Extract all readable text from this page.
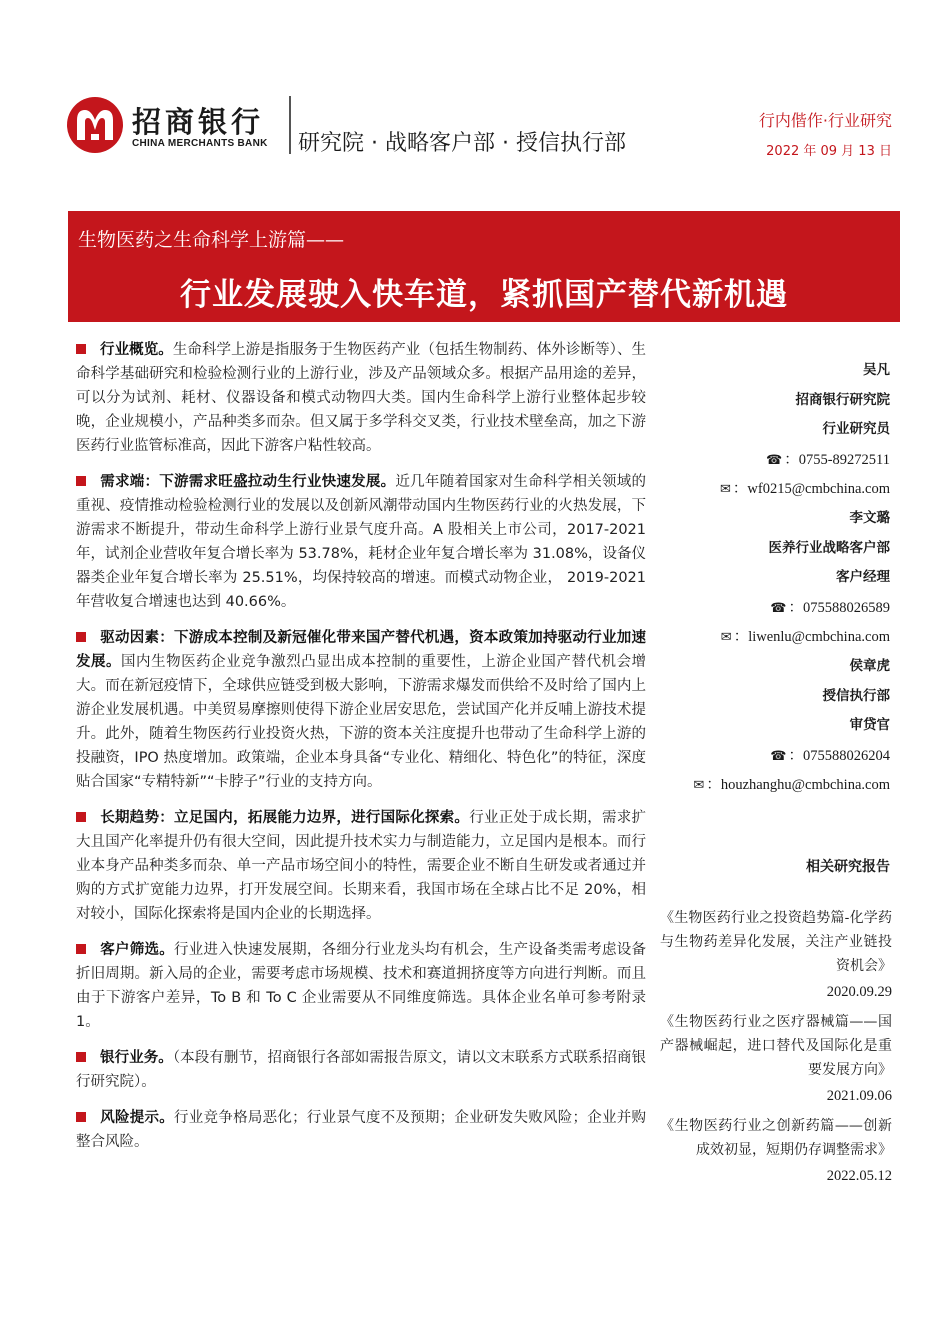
招商银行
CHINA MERCHANTS BANK 研究院 · 战略客户部 · 授信执行部
行内偕作·行业研究
2022 年 09 月 13 日
生物医药之生命科学上游篇——
行业发展驶入快车道，紧抓国产替代新机遇

行业概览。生命科学上游是指服务于生物医药产业（包括生物制药、体外诊断等）、生命科学基础研究和检验检测行业的上游行业，涉及产品领域众多。根据产品用途的差异，可以分为试剂、耗材、仪器设备和模式动物四大类。国内生命科学上游行业整体起步较晚，企业规模小，产品种类多而杂。但又属于多学科交叉类，行业技术壁垒高，加之下游医药行业监管标准高，因此下游客户粘性较高。

需求端：下游需求旺盛拉动生行业快速发展。近几年随着国家对生命科学相关领域的重视、疫情推动检验检测行业的发展以及创新风潮带动国内生物医药行业的火热发展，下游需求不断提升，带动生命科学上游行业景气度升高。A 股相关上市公司，2017-2021 年，试剂企业营收年复合增长率为 53.78%，耗材企业年复合增长率为 31.08%，设备仪器类企业年复合增长率为 25.51%，均保持较高的增速。而模式动物企业， 2019-2021 年营收复合增速也达到 40.66%。

驱动因素：下游成本控制及新冠催化带来国产替代机遇，资本政策加持驱动行业加速发展。国内生物医药企业竞争激烈凸显出成本控制的重要性，上游企业国产替代机会增大。而在新冠疫情下，全球供应链受到极大影响，下游需求爆发而供给不及时给了国内上游企业发展机遇。中美贸易摩擦则使得下游企业居安思危，尝试国产化并反哺上游技术提升。此外，随着生物医药行业投资火热，下游的资本关注度提升也带动了生命科学上游的投融资，IPO 热度增加。政策端，企业本身具备“专业化、精细化、特色化”的特征，深度贴合国家“专精特新”“卡脖子”行业的支持方向。

长期趋势：立足国内，拓展能力边界，进行国际化探索。行业正处于成长期，需求扩大且国产化率提升仍有很大空间，因此提升技术实力与制造能力，立足国内是根本。而行业本身产品种类多而杂、单一产品市场空间小的特性，需要企业不断自生研发或者通过并购的方式扩宽能力边界，打开发展空间。长期来看，我国市场在全球占比不足 20%，相对较小，国际化探索将是国内企业的长期选择。

客户筛选。行业进入快速发展期，各细分行业龙头均有机会，生产设备类需考虑设备折旧周期。新入局的企业，需要考虑市场规模、技术和赛道拥挤度等方向进行判断。而且由于下游客户差异，To B 和 To C 企业需要从不同维度筛选。具体企业名单可参考附录 1。

银行业务。（本段有删节，招商银行各部如需报告原文，请以文末联系方式联系招商银行研究院）。

风险提示。行业竞争格局恶化；行业景气度不及预期；企业研发失败风险；企业并购整合风险。

吴凡
招商银行研究院
行业研究员
☎ ：0755-89272511
✉ ：wf0215@cmbchina.com
李文璐
医养行业战略客户部
客户经理
☎ ：07558802​6589
✉ ：liwenlu@cmbchina.com
侯章虎
授信执行部
审贷官
☎ ：07558802​6204
✉ ：houzhanghu@cmbchina.com
相关研究报告
《生物医药行业之投资趋势篇-化学药与生物药差异化发展，关注产业链投资机会》
2020.09.29
《生物医药行业之医疗器械篇——国产器械崛起，进口替代及国际化是重要发展方向》
2021.09.06
《生物医药行业之创新药篇——创新成效初显，短期仍存调整需求》
2022.05.12
